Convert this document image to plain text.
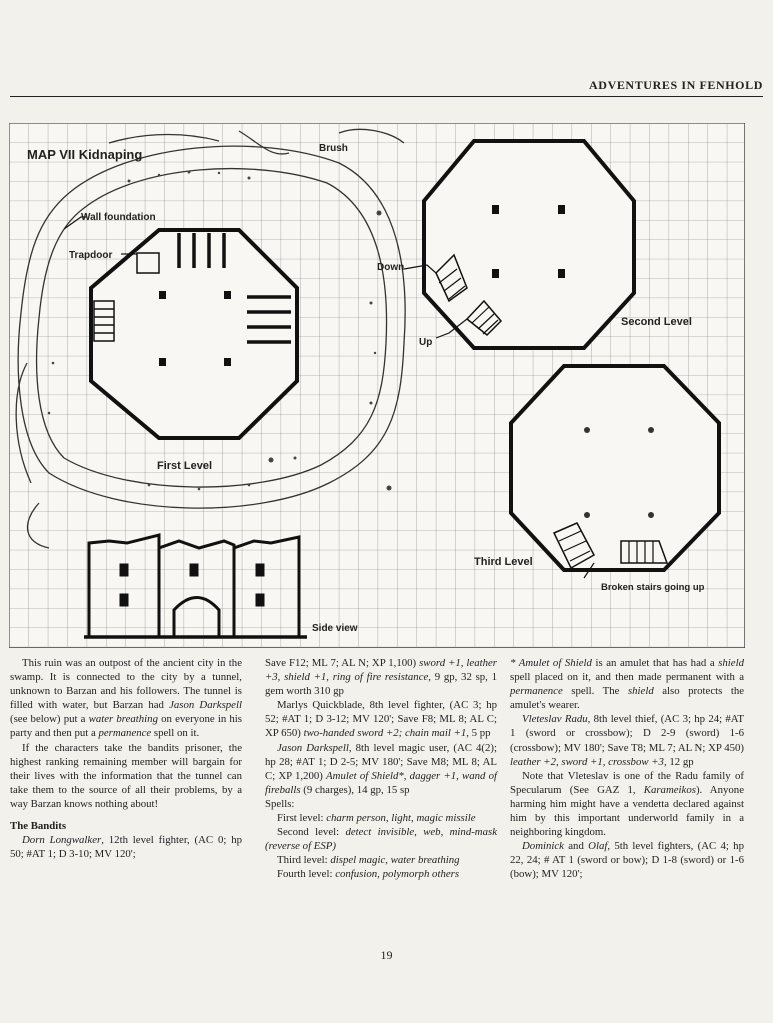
ADVENTURES IN FENHOLD
MAP VII Kidnaping	Brush
Wall foundation
Trapdoor
Down
Up
Second Level
First Level
Third Level
Broken stairs going up
Side view

This ruin was an outpost of the ancient city in the swamp. It is connected to the city by a tunnel, unknown to Barzan and his followers. The tunnel is filled with water, but Barzan had Jason Darkspell (see below) put a water breathing on everyone in his party and then put a permanence spell on it.

If the characters take the bandits prisoner, the highest ranking remaining member will bargain for their lives with the information that the tunnel can take them to the source of all their problems, by a way Barzan knows nothing about!

The Bandits

Dorn Longwalker, 12th level fighter, (AC 0; hp 50; #AT 1; D 3-10; MV 120';

Save F12; ML 7; AL N; XP 1,100) sword +1, leather +3, shield +1, ring of fire resistance, 9 gp, 32 sp, 1 gem worth 310 gp

Marlys Quickblade, 8th level fighter, (AC 3; hp 52; #AT 1; D 3-12; MV 120'; Save F8; ML 8; AL C; XP 650) two-handed sword +2; chain mail +1, 5 pp

Jason Darkspell, 8th level magic user, (AC 4(2); hp 28; #AT 1; D 2-5; MV 180'; Save M8; ML 8; AL C; XP 1,200) Amulet of Shield*, dagger +1, wand of fireballs (9 charges), 14 gp, 15 sp

Spells:

First level: charm person, light, magic missile

Second level: detect invisible, web, mind-mask (reverse of ESP)

Third level: dispel magic, water breathing

Fourth level: confusion, polymorph others

* Amulet of Shield is an amulet that has had a shield spell placed on it, and then made permanent with a permanence spell. The shield also protects the amulet's wearer.

Vleteslav Radu, 8th level thief, (AC 3; hp 24; #AT 1 (sword or crossbow); D 2-9 (sword) 1-6 (crossbow); MV 180'; Save T8; ML 7; AL N; XP 450) leather +2, sword +1, crossbow +3, 12 gp

Note that Vleteslav is one of the Radu family of Specularum (See GAZ 1, Karameikos). Anyone harming him might have a vendetta declared against him by this important underworld family in a neighboring kingdom.

Dominick and Olaf, 5th level fighters, (AC 4; hp 22, 24; # AT 1 (sword or bow); D 1-8 (sword) or 1-6 (bow); MV 120';

19
